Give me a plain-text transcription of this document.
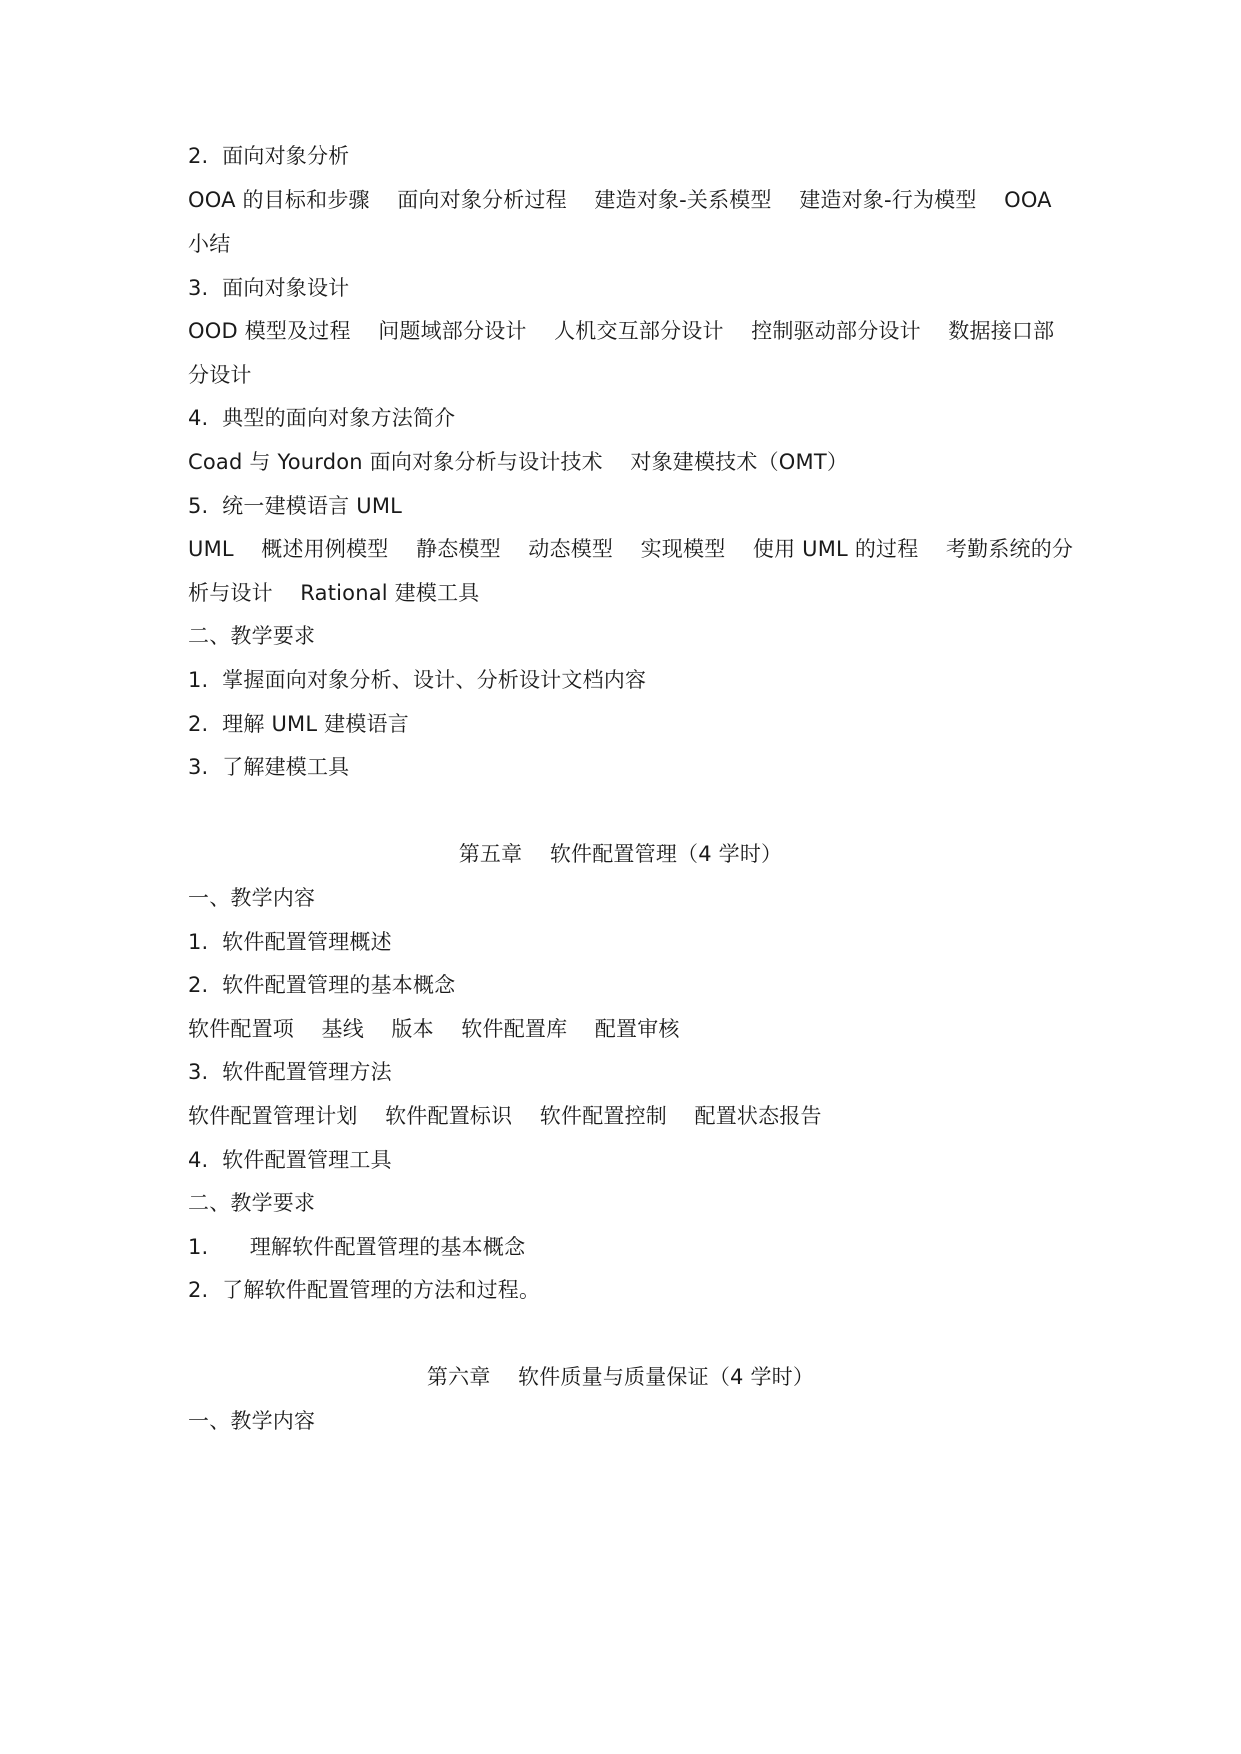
2.  面向对象分析
OOA 的目标和步骤    面向对象分析过程    建造对象-关系模型    建造对象-行为模型    OOA
小结
3.  面向对象设计
OOD 模型及过程    问题域部分设计    人机交互部分设计    控制驱动部分设计    数据接口部
分设计
4.  典型的面向对象方法简介
Coad 与 Yourdon 面向对象分析与设计技术    对象建模技术（OMT）
5.  统一建模语言 UML
UML    概述用例模型    静态模型    动态模型    实现模型    使用 UML 的过程    考勤系统的分
析与设计    Rational 建模工具
二、教学要求
1.  掌握面向对象分析、设计、分析设计文档内容
2.  理解 UML 建模语言
3.  了解建模工具
第五章    软件配置管理（4 学时）
一、教学内容
1.  软件配置管理概述
2.  软件配置管理的基本概念
软件配置项    基线    版本    软件配置库    配置审核
3.  软件配置管理方法
软件配置管理计划    软件配置标识    软件配置控制    配置状态报告
4.  软件配置管理工具
二、教学要求
1.      理解软件配置管理的基本概念
2.  了解软件配置管理的方法和过程。
第六章    软件质量与质量保证（4 学时）
一、教学内容
